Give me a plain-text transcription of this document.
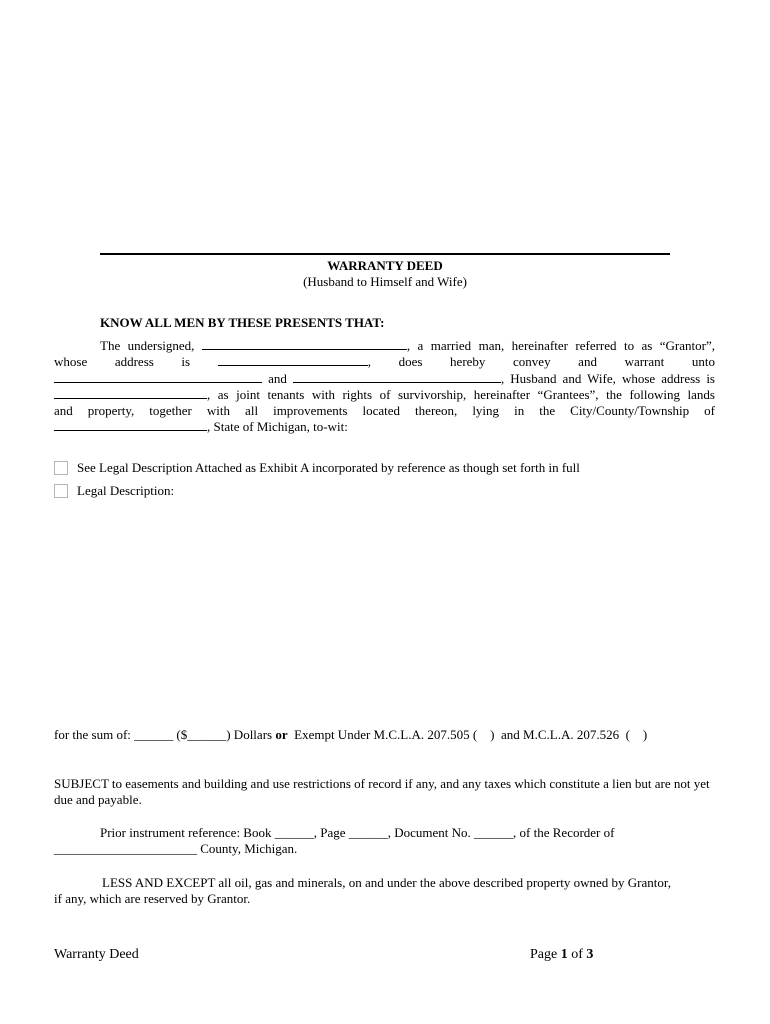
WARRANTY DEED
(Husband to Himself and Wife)
KNOW ALL MEN BY THESE PRESENTS THAT:
The undersigned,	, a married man, hereinafter referred to as “Grantor”,
whose address is	, does hereby convey and warrant unto
and	, Husband and Wife, whose address is
, as joint tenants with rights of survivorship, hereinafter “Grantees”, the following lands
and property, together with all improvements located thereon, lying in the City/County/Township of
, State of Michigan, to-wit:
See Legal Description Attached as Exhibit A incorporated by reference as though set forth in full
Legal Description:
for the sum of: ______ ($______) Dollars or  Exempt Under M.C.L.A. 207.505 (    )  and M.C.L.A. 207.526  (    )
SUBJECT to easements and building and use restrictions of record if any, and any taxes which constitute a lien but are not yet due and payable.
Prior instrument reference: Book ______, Page ______, Document No. ______, of the Recorder of
______________________ County, Michigan.
LESS AND EXCEPT all oil, gas and minerals, on and under the above described property owned by Grantor,
if any, which are reserved by Grantor.
Warranty Deed	Page 1 of 3
